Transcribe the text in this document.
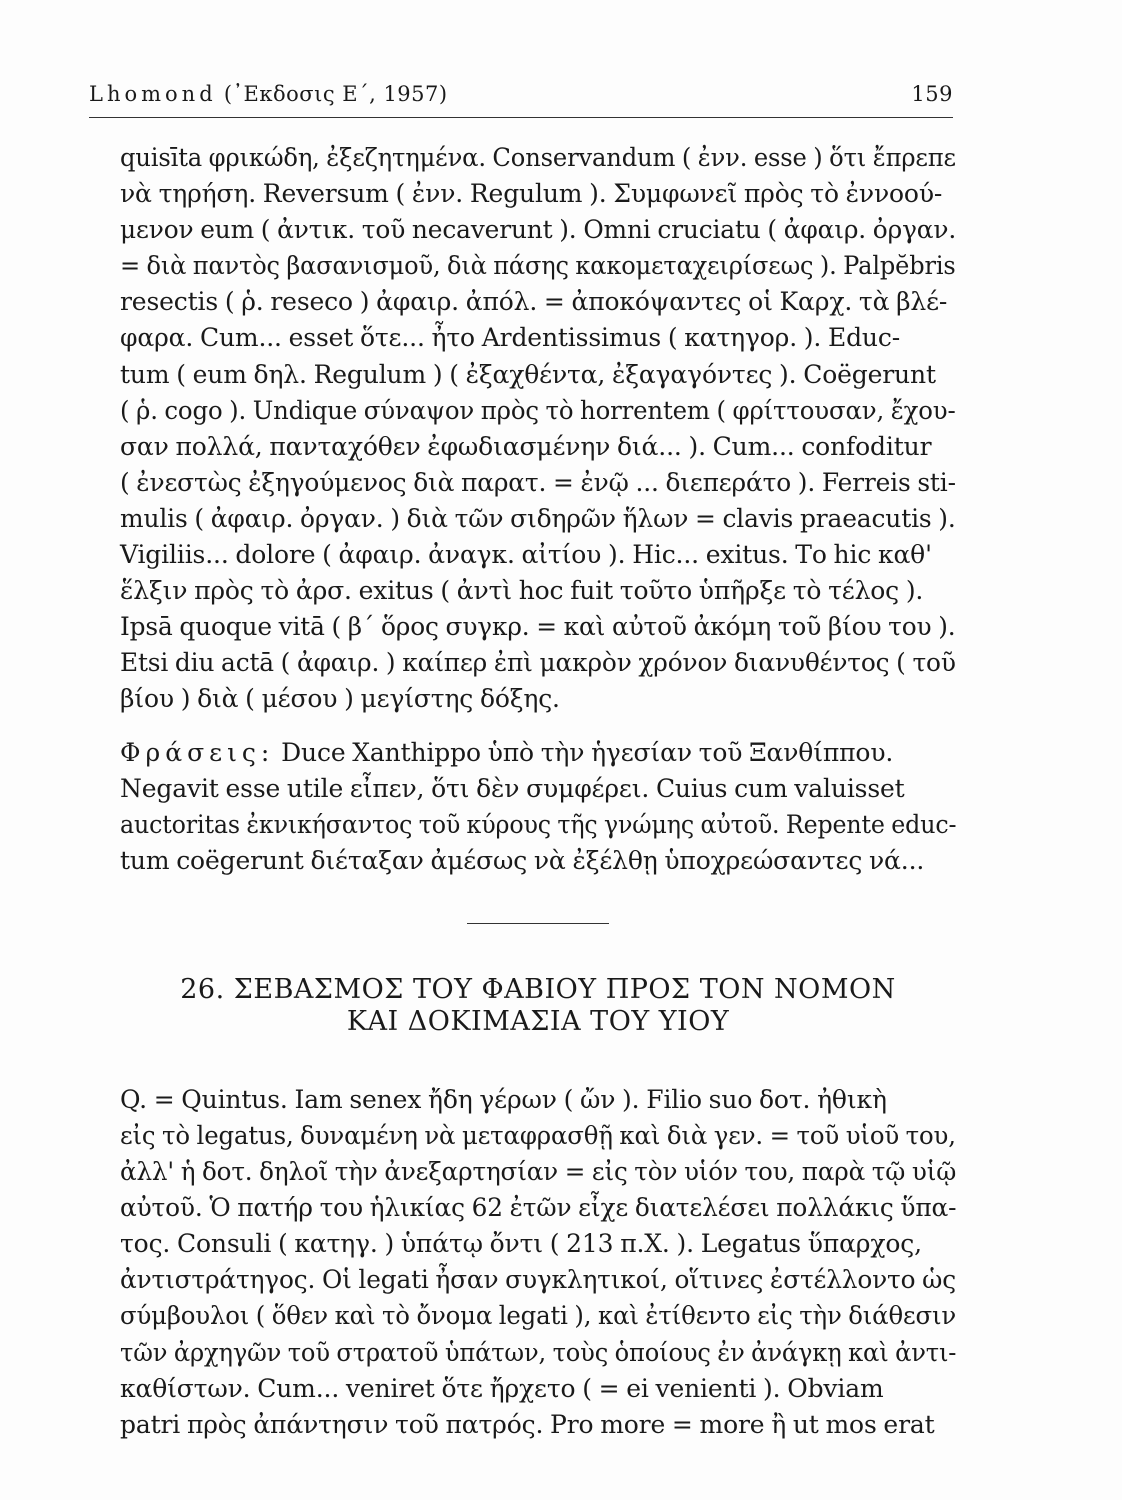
Lhomond (᾿Εκδοσις Ε΄, 1957)	159
quisīta φρικώδη, ἐξεζητημένα. Conservandum ( ἐνν. esse ) ὅτι ἔπρεπε
νὰ τηρήση. Reversum ( ἐνν. Regulum ). Συμφωνεῖ πρὸς τὸ ἐννοού-
μενον eum ( ἀντικ. τοῦ necaverunt ). Omni cruciatu ( ἀφαιρ. ὀργαν.
= διὰ παντὸς βασανισμοῦ, διὰ πάσης κακομεταχειρίσεως ). Palpĕbris
resectis ( ῥ. reseco ) ἀφαιρ. ἀπόλ. = ἀποκόψαντες οἱ Καρχ. τὰ βλέ-
φαρα. Cum... esset ὅτε... ἦτο Ardentissimus ( κατηγορ. ). Educ-
tum ( eum δηλ. Regulum ) ( ἐξαχθέντα, ἐξαγαγόντες ). Coëgerunt
( ῥ. cogo ). Undique σύναψον πρὸς τὸ horrentem ( φρίττουσαν, ἔχου-
σαν πολλά, πανταχόθεν ἐφωδιασμένην διά... ). Cum... confoditur
( ἐνεστὼς ἐξηγούμενος διὰ παρατ. = ἐνῷ ... διεπεράτο ). Ferreis sti-
mulis ( ἀφαιρ. ὀργαν. ) διὰ τῶν σιδηρῶν ἥλων = clavis praeacutis ).
Vigiliis... dolore ( ἀφαιρ. ἀναγκ. αἰτίου ). Hic... exitus. Το hic καθ'
ἕλξιν πρὸς τὸ ἀρσ. exitus ( ἀντὶ hoc fuit τοῦτο ὑπῆρξε τὸ τέλος ).
Ipsā quoque vitā ( β΄ ὅρος συγκρ. = καὶ αὐτοῦ ἀκόμη τοῦ βίου του ).
Etsi diu actā ( ἀφαιρ. ) καίπερ ἐπὶ μακρὸν χρόνον διανυθέντος ( τοῦ
βίου ) διὰ ( μέσου ) μεγίστης δόξης.
Φράσεις: Duce Xanthippo ὑπὸ τὴν ἡγεσίαν τοῦ Ξανθίππου.
Negavit esse utile εἶπεν, ὅτι δὲν συμφέρει. Cuius cum valuisset
auctoritas ἐκνικήσαντος τοῦ κύρους τῆς γνώμης αὐτοῦ. Repente educ-
tum coëgerunt διέταξαν ἀμέσως νὰ ἐξέλθῃ ὑποχρεώσαντες νά...
26. ΣΕΒΑΣΜΟΣ ΤΟΥ ΦΑΒΙΟΥ ΠΡΟΣ ΤΟΝ ΝΟΜΟΝ
ΚΑΙ ΔΟΚΙΜΑΣΙΑ ΤΟΥ ΥΙΟΥ
Q. = Quintus. Iam senex ἤδη γέρων ( ὤν ). Filio suo δοτ. ἠθικὴ
εἰς τὸ legatus, δυναμένη νὰ μεταφρασθῇ καὶ διὰ γεν. = τοῦ υἱοῦ του,
ἀλλ' ἡ δοτ. δηλοῖ τὴν ἀνεξαρτησίαν = εἰς τὸν υἱόν του, παρὰ τῷ υἱῷ
αὐτοῦ. Ὁ πατήρ του ἡλικίας 62 ἐτῶν εἶχε διατελέσει πολλάκις ὕπα-
τος. Consuli ( κατηγ. ) ὑπάτῳ ὄντι ( 213 π.Χ. ). Legatus ὕπαρχος,
ἀντιστράτηγος. Οἱ legati ἦσαν συγκλητικοί, οἵτινες ἐστέλλοντο ὡς
σύμβουλοι ( ὅθεν καὶ τὸ ὄνομα legati ), καὶ ἐτίθεντο εἰς τὴν διάθεσιν
τῶν ἀρχηγῶν τοῦ στρατοῦ ὑπάτων, τοὺς ὁποίους ἐν ἀνάγκῃ καὶ ἀντι-
καθίστων. Cum... veniret ὅτε ἤρχετο ( = ei venienti ). Obviam
patri πρὸς ἀπάντησιν τοῦ πατρός. Pro more = more ἢ ut mos erat
